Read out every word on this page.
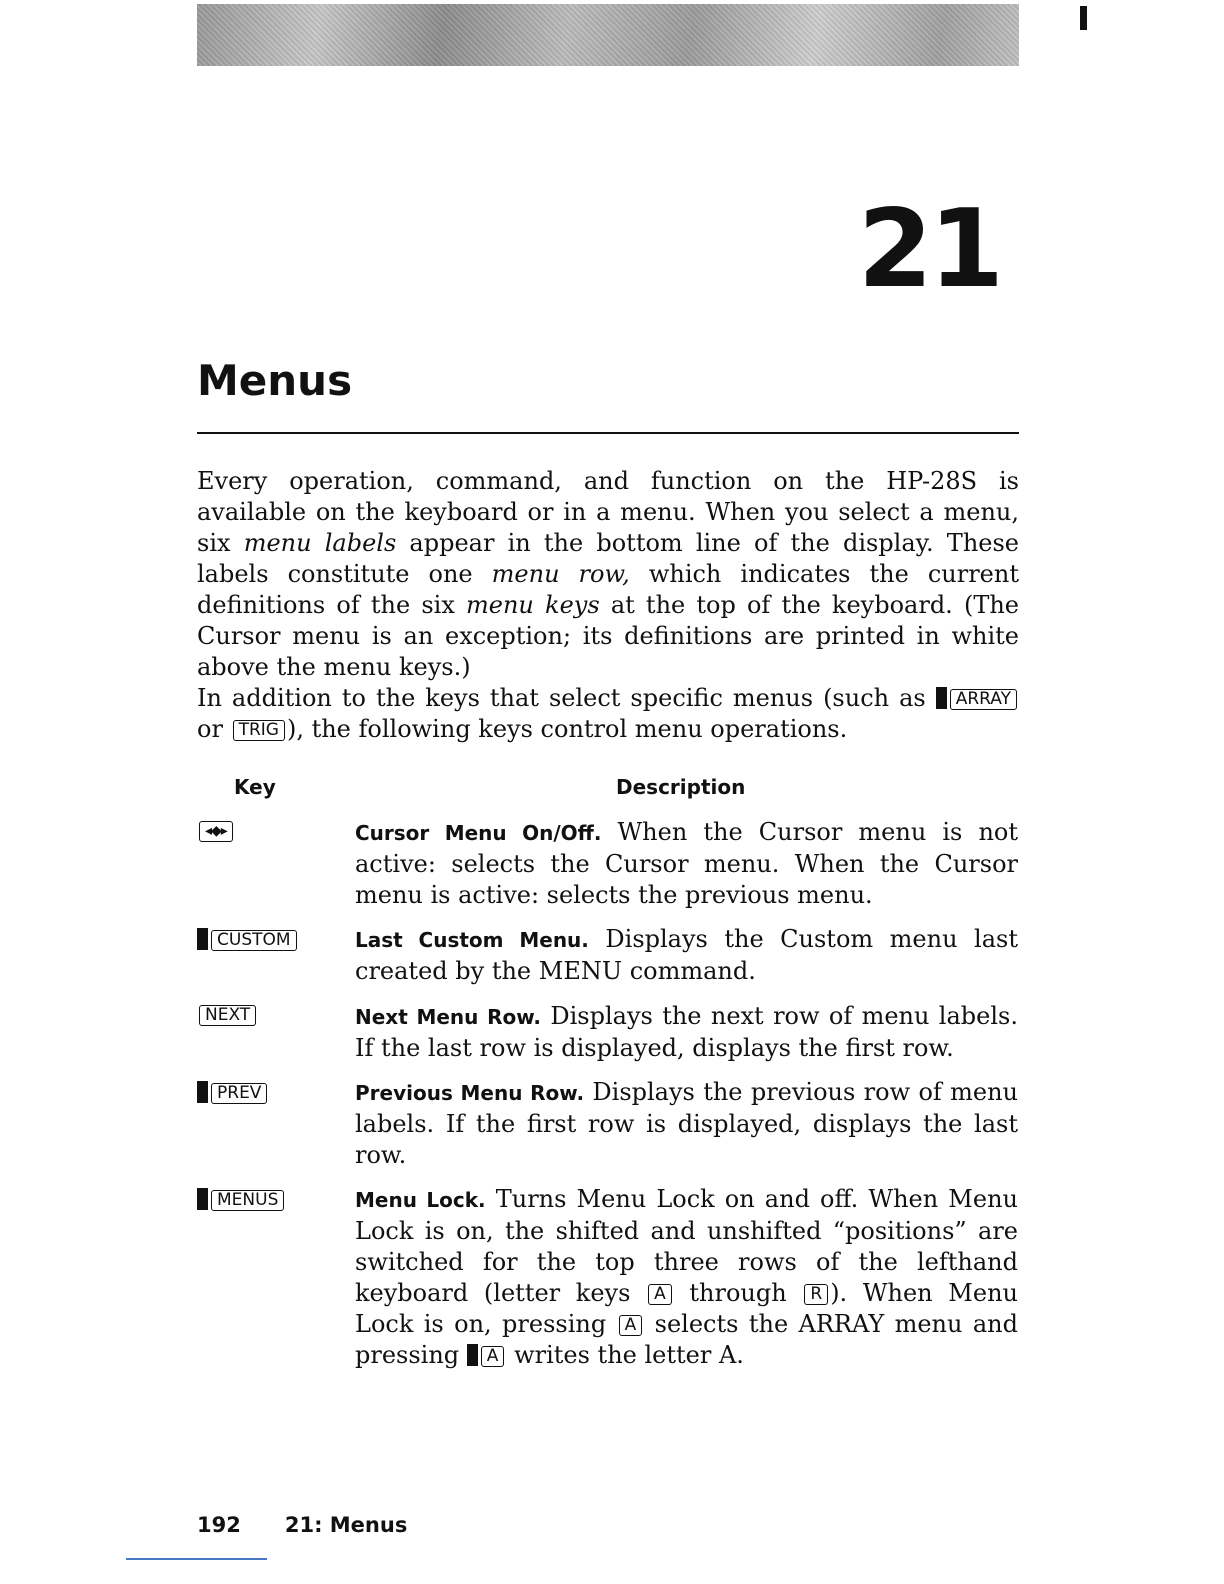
21
Menus
Every operation, command, and function on the HP-28S is available on the keyboard or in a menu. When you select a menu, six menu labels appear in the bottom line of the display. These labels constitute one menu row, which indicates the current definitions of the six menu keys at the top of the keyboard. (The Cursor menu is an exception; its definitions are printed in white above the menu keys.)
In addition to the keys that select specific menus (such as ARRAY or TRIG ), the following keys control menu operations.
Key	Description
◂◆▸	Cursor Menu On/Off. When the Cursor menu is not active: selects the Cursor menu. When the Cursor menu is active: selects the previous menu.
CUSTOM	Last Custom Menu. Displays the Custom menu last created by the MENU command.
NEXT	Next Menu Row. Displays the next row of menu labels. If the last row is displayed, displays the first row.
PREV	Previous Menu Row. Displays the previous row of menu labels. If the first row is displayed, displays the last row.
MENUS	Menu Lock. Turns Menu Lock on and off. When Menu Lock is on, the shifted and unshifted “positions” are switched for the top three rows of the lefthand keyboard (letter keys A through R ). When Menu Lock is on, pressing A selects the ARRAY menu and pressing A writes the letter A.
192 21: Menus
